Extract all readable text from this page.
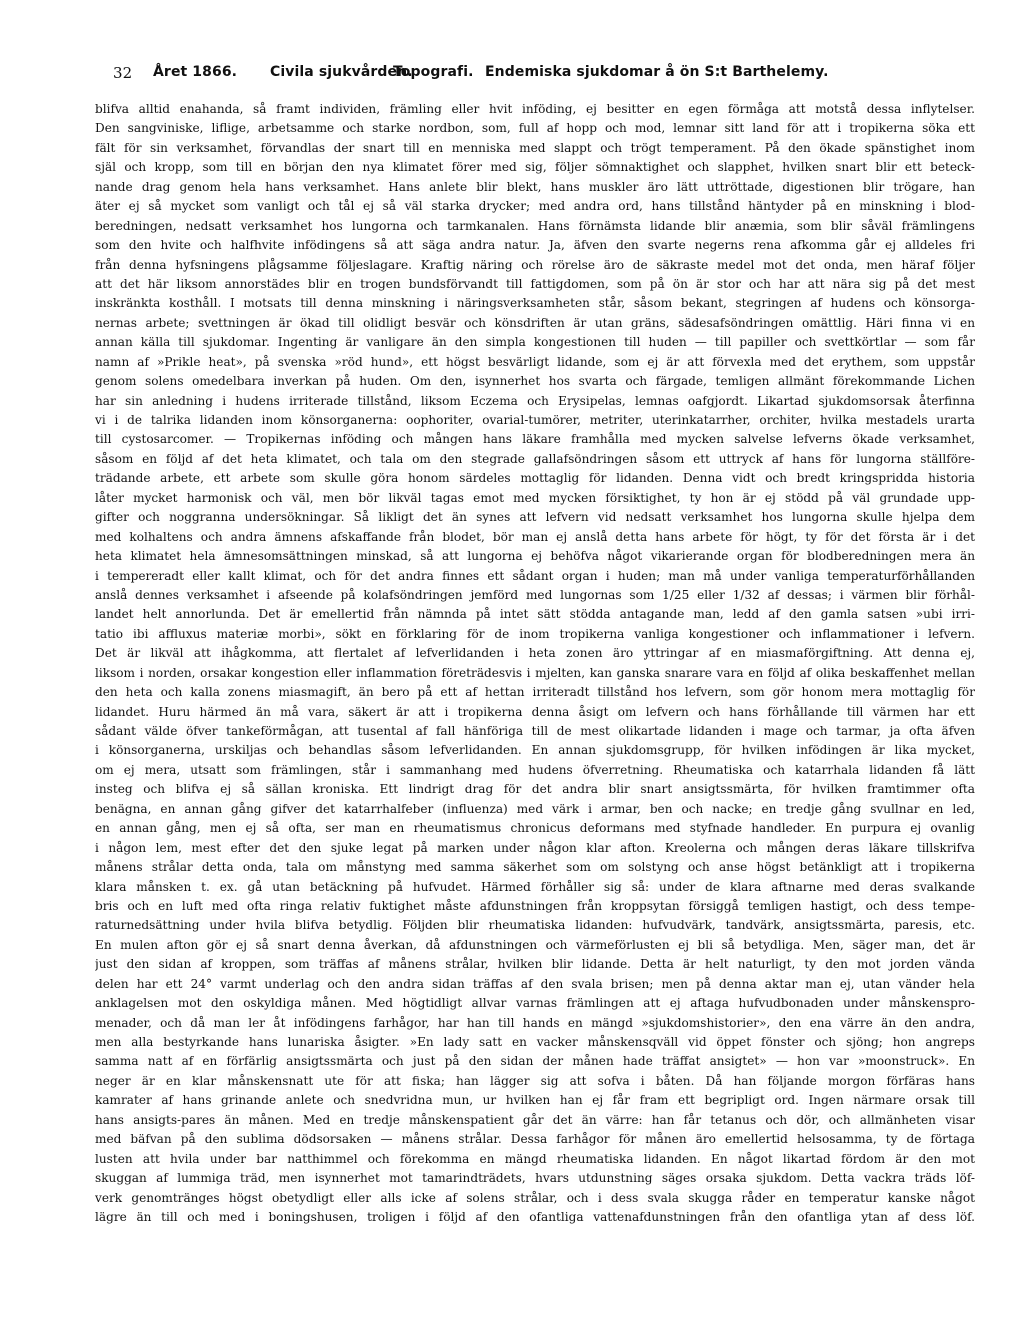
32 Året 1866. Civila sjukvården.
Topografi. Endemiska sjukdomar å ön S:t Barthelemy.
blifva alltid enahanda, så framt individen, främling eller hvit inföding, ej besitter en egen förmåga att motstå dessa inflytelser.
Den sangviniske, liflige, arbetsamme och starke nordbon, som, full af hopp och mod, lemnar sitt land för att i tropikerna söka ett
fält för sin verksamhet, förvandlas der snart till en menniska med slappt och trögt temperament. På den ökade spänstighet inom
själ och kropp, som till en början den nya klimatet förer med sig, följer sömnaktighet och slapphet, hvilken snart blir ett beteck-
nande drag genom hela hans verksamhet. Hans anlete blir blekt, hans muskler äro lätt uttröttade, digestionen blir trögare, han
äter ej så mycket som vanligt och tål ej så väl starka drycker; med andra ord, hans tillstånd häntyder på en minskning i blod-
beredningen, nedsatt verksamhet hos lungorna och tarmkanalen. Hans förnämsta lidande blir anæmia, som blir såväl främlingens
som den hvite och halfhvite infödingens så att säga andra natur. Ja, äfven den svarte negerns rena afkomma går ej alldeles fri
från denna hyfsningens plågsamme följeslagare. Kraftig näring och rörelse äro de säkraste medel mot det onda, men häraf följer
att det här liksom annorstädes blir en trogen bundsförvandt till fattigdomen, som på ön är stor och har att nära sig på det mest
inskränkta kosthåll. I motsats till denna minskning i näringsverksamheten står, såsom bekant, stegringen af hudens och könsorga-
nernas arbete; svettningen är ökad till olidligt besvär och könsdriften är utan gräns, sädesafsöndringen omättlig. Häri finna vi en
annan källa till sjukdomar. Ingenting är vanligare än den simpla kongestionen till huden — till papiller och svettkörtlar — som får
namn af »Prikle heat», på svenska »röd hund», ett högst besvärligt lidande, som ej är att förvexla med det erythem, som uppstår
genom solens omedelbara inverkan på huden. Om den, isynnerhet hos svarta och färgade, temligen allmänt förekommande Lichen
har sin anledning i hudens irriterade tillstånd, liksom Eczema och Erysipelas, lemnas oafgjordt. Likartad sjukdomsorsak återfinna
vi i de talrika lidanden inom könsorganerna: oophoriter, ovarial-tumörer, metriter, uterinkatarrher, orchiter, hvilka mestadels urarta
till cystosarcomer. — Tropikernas inföding och mången hans läkare framhålla med mycken salvelse lefverns ökade verksamhet,
såsom en följd af det heta klimatet, och tala om den stegrade gallafsöndringen såsom ett uttryck af hans för lungorna ställföre-
trädande arbete, ett arbete som skulle göra honom särdeles mottaglig för lidanden. Denna vidt och bredt kringspridda historia
låter mycket harmonisk och väl, men bör likväl tagas emot med mycken försiktighet, ty hon är ej stödd på väl grundade upp-
gifter och noggranna undersökningar. Så likligt det än synes att lefvern vid nedsatt verksamhet hos lungorna skulle hjelpa dem
med kolhaltens och andra ämnens afskaffande från blodet, bör man ej anslå detta hans arbete för högt, ty för det första är i det
heta klimatet hela ämnesomsättningen minskad, så att lungorna ej behöfva något vikarierande organ för blodberedningen mera än
i tempereradt eller kallt klimat, och för det andra finnes ett sådant organ i huden; man må under vanliga temperaturförhållanden
anslå dennes verksamhet i afseende på kolafsöndringen jemförd med lungornas som 1/25 eller 1/32 af dessas; i värmen blir förhål-
landet helt annorlunda. Det är emellertid från nämnda på intet sätt stödda antagande man, ledd af den gamla satsen »ubi irri-
tatio ibi affluxus materiæ morbi», sökt en förklaring för de inom tropikerna vanliga kongestioner och inflammationer i lefvern.
Det är likväl att ihågkomma, att flertalet af lefverlidanden i heta zonen äro yttringar af en miasmaförgiftning. Att denna ej,
liksom i norden, orsakar kongestion eller inflammation företrädesvis i mjelten, kan ganska snarare vara en följd af olika beskaffenhet mellan
den heta och kalla zonens miasmagift, än bero på ett af hettan irriteradt tillstånd hos lefvern, som gör honom mera mottaglig för
lidandet. Huru härmed än må vara, säkert är att i tropikerna denna åsigt om lefvern och hans förhållande till värmen har ett
sådant välde öfver tankeförmågan, att tusental af fall hänföriga till de mest olikartade lidanden i mage och tarmar, ja ofta äfven
i könsorganerna, urskiljas och behandlas såsom lefverlidanden. En annan sjukdomsgrupp, för hvilken infödingen är lika mycket,
om ej mera, utsatt som främlingen, står i sammanhang med hudens öfverretning. Rheumatiska och katarrhala lidanden få lätt
insteg och blifva ej så sällan kroniska. Ett lindrigt drag för det andra blir snart ansigtssmärta, för hvilken framtimmer ofta
benägna, en annan gång gifver det katarrhalfeber (influenza) med värk i armar, ben och nacke; en tredje gång svullnar en led,
en annan gång, men ej så ofta, ser man en rheumatismus chronicus deformans med styfnade handleder. En purpura ej ovanlig
i någon lem, mest efter det den sjuke legat på marken under någon klar afton. Kreolerna och mången deras läkare tillskrifva
månens strålar detta onda, tala om månstyng med samma säkerhet som om solstyng och anse högst betänkligt att i tropikerna
klara månsken t. ex. gå utan betäckning på hufvudet. Härmed förhåller sig så: under de klara aftnarne med deras svalkande
bris och en luft med ofta ringa relativ fuktighet måste afdunstningen från kroppsytan försiggå temligen hastigt, och dess tempe-
raturnedsättning under hvila blifva betydlig. Följden blir rheumatiska lidanden: hufvudvärk, tandvärk, ansigtssmärta, paresis, etc.
En mulen afton gör ej så snart denna åverkan, då afdunstningen och värmeförlusten ej bli så betydliga. Men, säger man, det är
just den sidan af kroppen, som träffas af månens strålar, hvilken blir lidande. Detta är helt naturligt, ty den mot jorden vända
delen har ett 24° varmt underlag och den andra sidan träffas af den svala brisen; men på denna aktar man ej, utan vänder hela
anklagelsen mot den oskyldiga månen. Med högtidligt allvar varnas främlingen att ej aftaga hufvudbonaden under månskenspro-
menader, och då man ler åt infödingens farhågor, har han till hands en mängd »sjukdomshistorier», den ena värre än den andra,
men alla bestyrkande hans lunariska åsigter. »En lady satt en vacker månskensqväll vid öppet fönster och sjöng; hon angreps
samma natt af en förfärlig ansigtssmärta och just på den sidan der månen hade träffat ansigtet» — hon var »moonstruck». En
neger är en klar månskensnatt ute för att fiska; han lägger sig att sofva i båten. Då han följande morgon förfäras hans
kamrater af hans grinande anlete och snedvridna mun, ur hvilken han ej får fram ett begripligt ord. Ingen närmare orsak till
hans ansigts-pares än månen. Med en tredje månskenspatient går det än värre: han får tetanus och dör, och allmänheten visar
med bäfvan på den sublima dödsorsaken — månens strålar. Dessa farhågor för månen äro emellertid helsosamma, ty de förtaga
lusten att hvila under bar natthimmel och förekomma en mängd rheumatiska lidanden. En något likartad fördom är den mot
skuggan af lummiga träd, men isynnerhet mot tamarindträdets, hvars utdunstning säges orsaka sjukdom. Detta vackra träds löf-
verk genomtränges högst obetydligt eller alls icke af solens strålar, och i dess svala skugga råder en temperatur kanske något
lägre än till och med i boningshusen, troligen i följd af den ofantliga vattenafdunstningen från den ofantliga ytan af dess löf.
